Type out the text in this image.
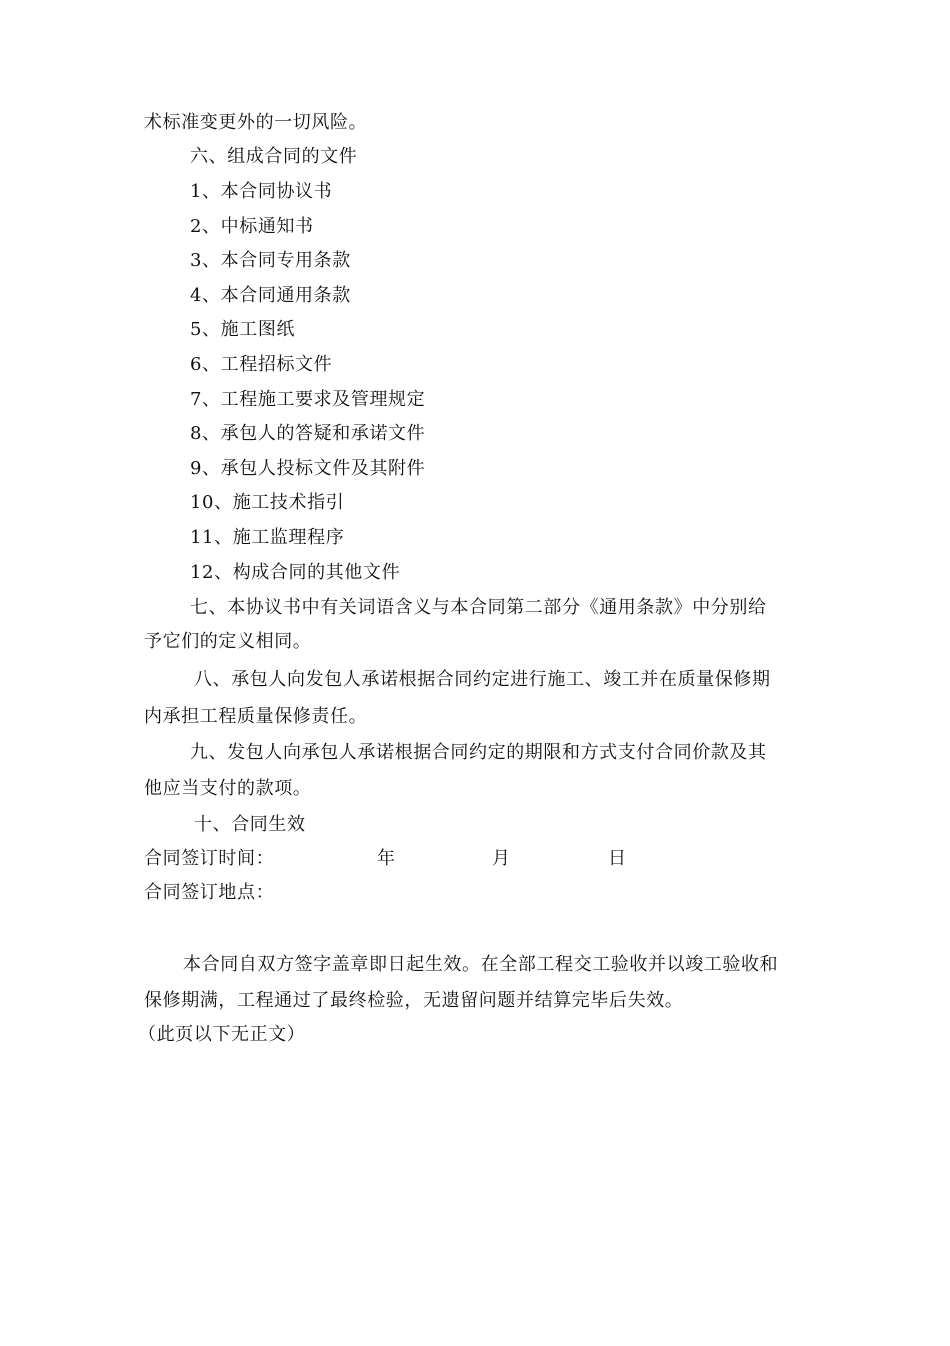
术标准变更外的一切风险。
六、组成合同的文件
1、本合同协议书
2、中标通知书
3、本合同专用条款
4、本合同通用条款
5、施工图纸
6、工程招标文件
7、工程施工要求及管理规定
8、承包人的答疑和承诺文件
9、承包人投标文件及其附件
10、施工技术指引
11、施工监理程序
12、构成合同的其他文件
七、本协议书中有关词语含义与本合同第二部分《通用条款》中分别给
予它们的定义相同。
八、承包人向发包人承诺根据合同约定进行施工、竣工并在质量保修期
内承担工程质量保修责任。
九、发包人向承包人承诺根据合同约定的期限和方式支付合同价款及其
他应当支付的款项。
十、合同生效
合同签订时间：	年	月	日
合同签订地点：
本合同自双方签字盖章即日起生效。在全部工程交工验收并以竣工验收和
保修期满，工程通过了最终检验，无遗留问题并结算完毕后失效。
（此页以下无正文）
